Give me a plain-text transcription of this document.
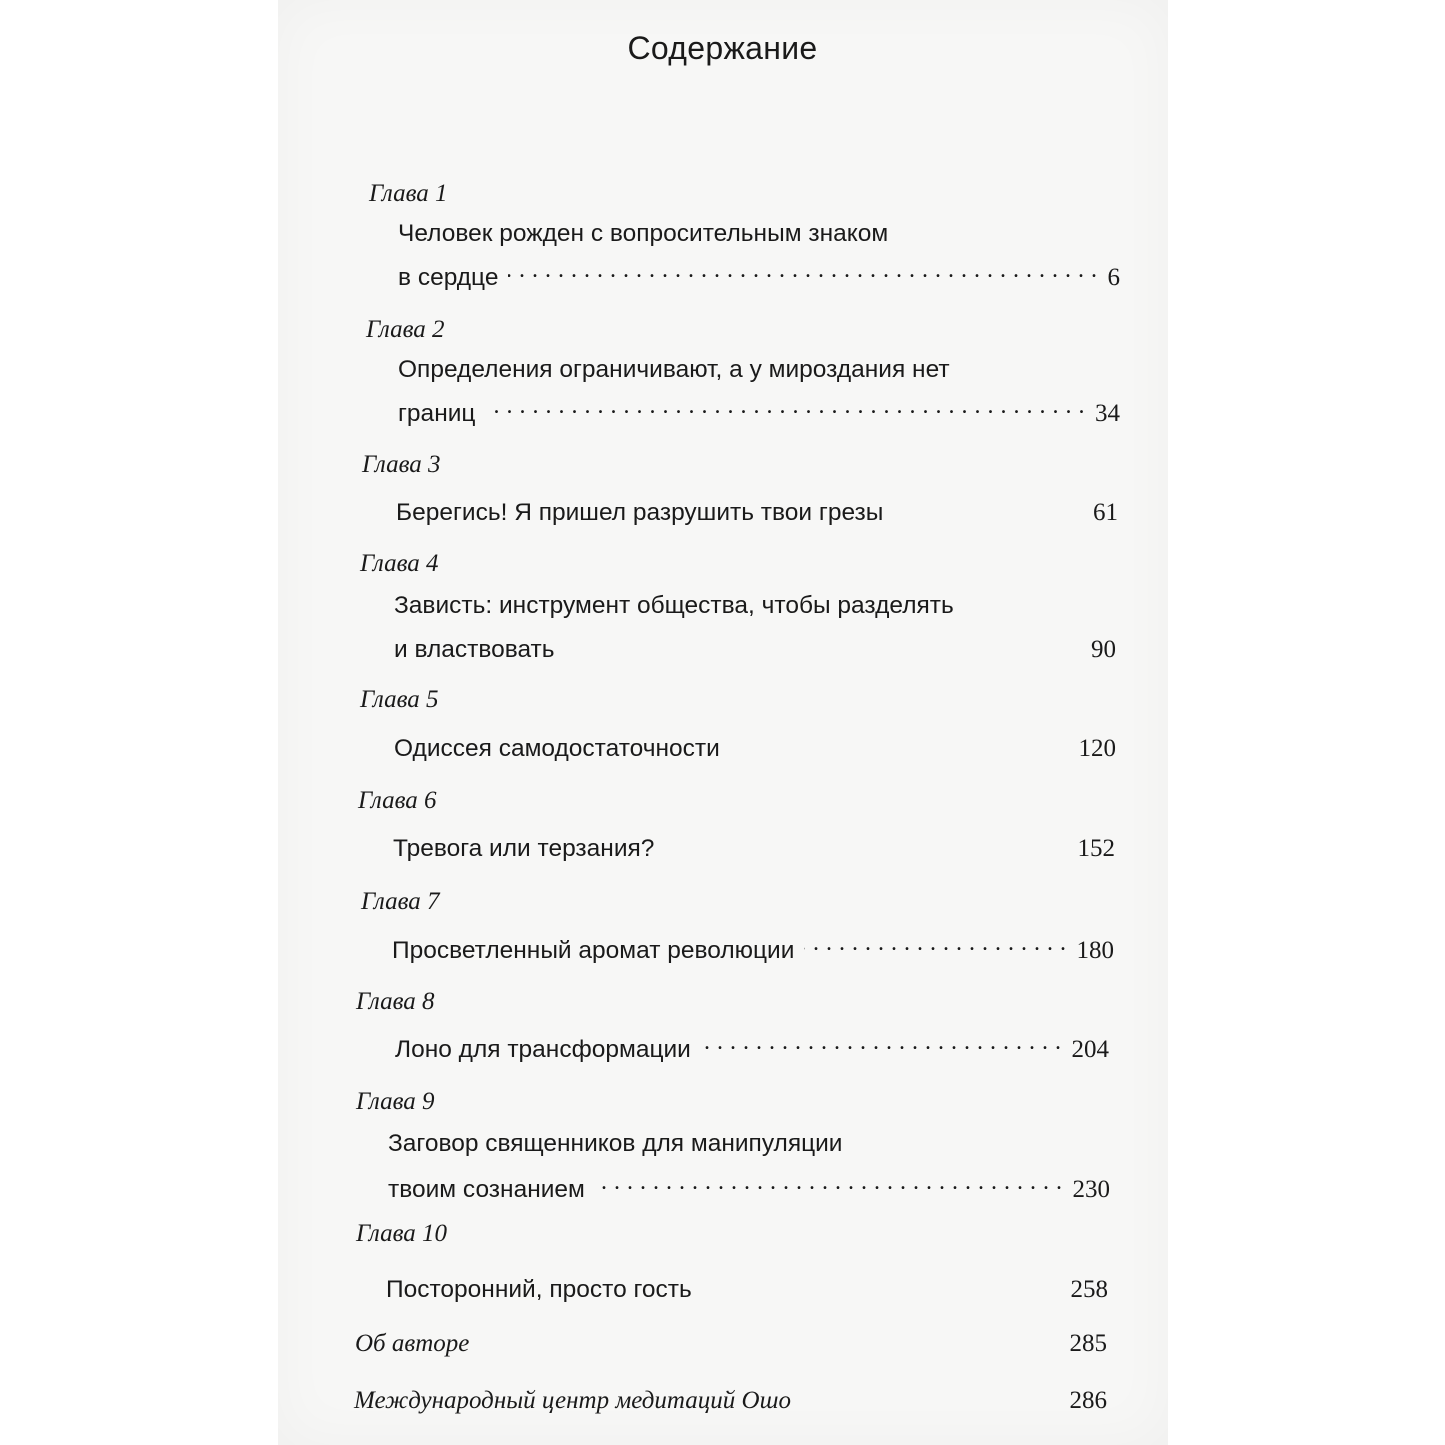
Содержание
Глава 1
Человек рожден с вопросительным знаком
в сердце . . .	6
Глава 2
Определения ограничивают, а у мироздания нет
границ . . .	34
Глава 3
Берегись! Я пришел разрушить твои грезы	61
Глава 4
Зависть: инструмент общества, чтобы разделять
и властвовать	90
Глава 5
Одиссея самодостаточности	120
Глава 6
Тревога или терзания?	152
Глава 7
Просветленный аромат революции . . .	180
Глава 8
Лоно для трансформации . . .	204
Глава 9
Заговор священников для манипуляции
твоим сознанием . . .	230
Глава 10
Посторонний, просто гость	258
Об авторе	285
Международный центр медитаций Ошо	286
